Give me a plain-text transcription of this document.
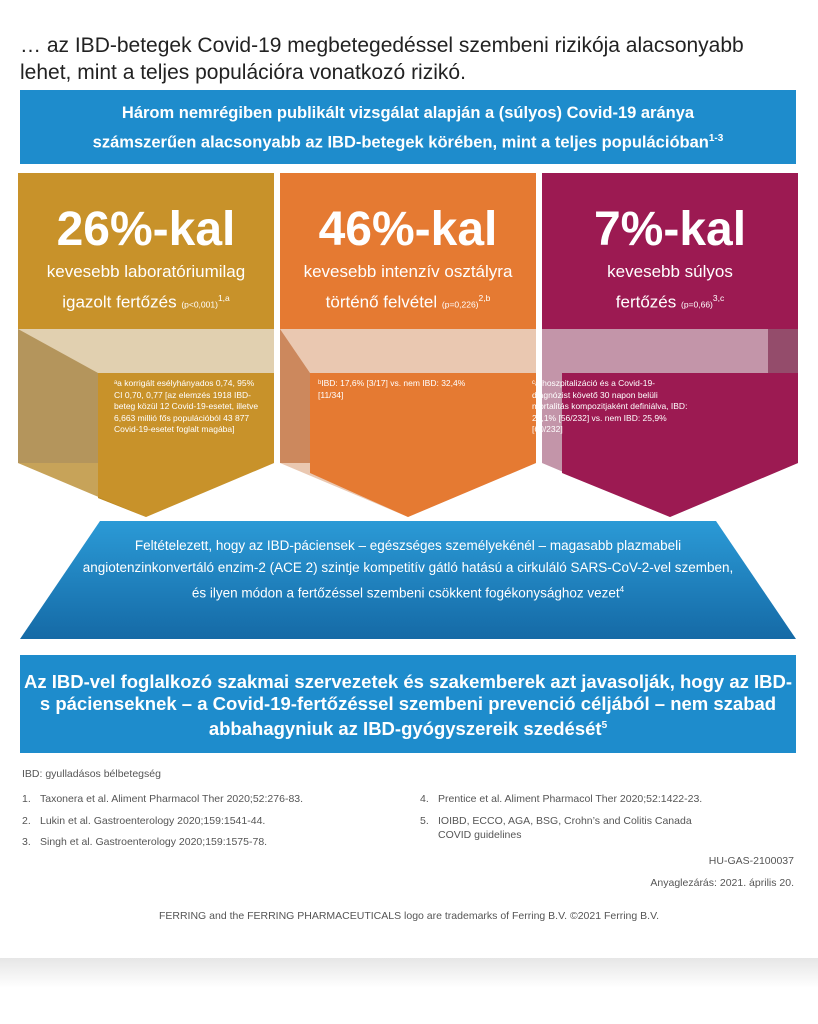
… az IBD-betegek Covid-19 megbetegedéssel szembeni rizikója alacsonyabb lehet, mint a teljes populációra vonatkozó rizikó.
Három nemrégiben publikált vizsgálat alapján a (súlyos) Covid-19 aránya
számszerűen alacsonyabb az IBD-betegek körében, mint a teljes populációban$^{1-3}$
26%-kal
kevesebb laboratóriumilag
igazolt fertőzés (p<0,001)$^{1,a}$
ᵃa korrigált esélyhányados 0,74, 95% CI 0,70, 0,77 [az elemzés 1918 IBD-beteg közül 12 Covid-19-esetet, illetve 6,663 millió fős populációból 43 877 Covid-19-esetet foglalt magába]
46%-kal
kevesebb intenzív osztályra
történő felvétel (p=0,226)$^{2,b}$
ᵇIBD: 17,6% [3/17] vs. nem IBD: 32,4% [11/34]
7%-kal
kevesebb súlyos
fertőzés (p=0,66)$^{3,c}$
ᶜa hoszpitalizáció és a Covid-19-diagnózist követő 30 napon belüli mortalitás kompozitjaként definiálva, IBD: 24,1% [56/232] vs. nem IBD: 25,9% [60/232]
Feltételezett, hogy az IBD-páciensek – egészséges személyekénél – magasabb plazmabeli angiotenzinkonvertáló enzim-2 (ACE 2) szintje kompetitív gátló hatású a cirkuláló SARS-CoV-2-vel szemben, és ilyen módon a fertőzéssel szembeni csökkent fogékonysághoz vezet$^4$
Az IBD-vel foglalkozó szakmai szervezetek és szakemberek azt javasolják, hogy az IBD-s pácienseknek – a Covid-19-fertőzéssel szembeni prevenció céljából – nem szabad abbahagyniuk az IBD-gyógyszereik szedését$^5$
IBD: gyulladásos bélbetegség
1. Taxonera et al. Aliment Pharmacol Ther 2020;52:276-83.
2. Lukin et al. Gastroenterology 2020;159:1541-44.
3. Singh et al. Gastroenterology 2020;159:1575-78.
4. Prentice et al. Aliment Pharmacol Ther 2020;52:1422-23.
5. IOIBD, ECCO, AGA, BSG, Crohn’s and Colitis Canada COVID guidelines
HU-GAS-2100037
Anyaglezárás: 2021. április 20.
FERRING and the FERRING PHARMACEUTICALS logo are trademarks of Ferring B.V. ©2021 Ferring B.V.
